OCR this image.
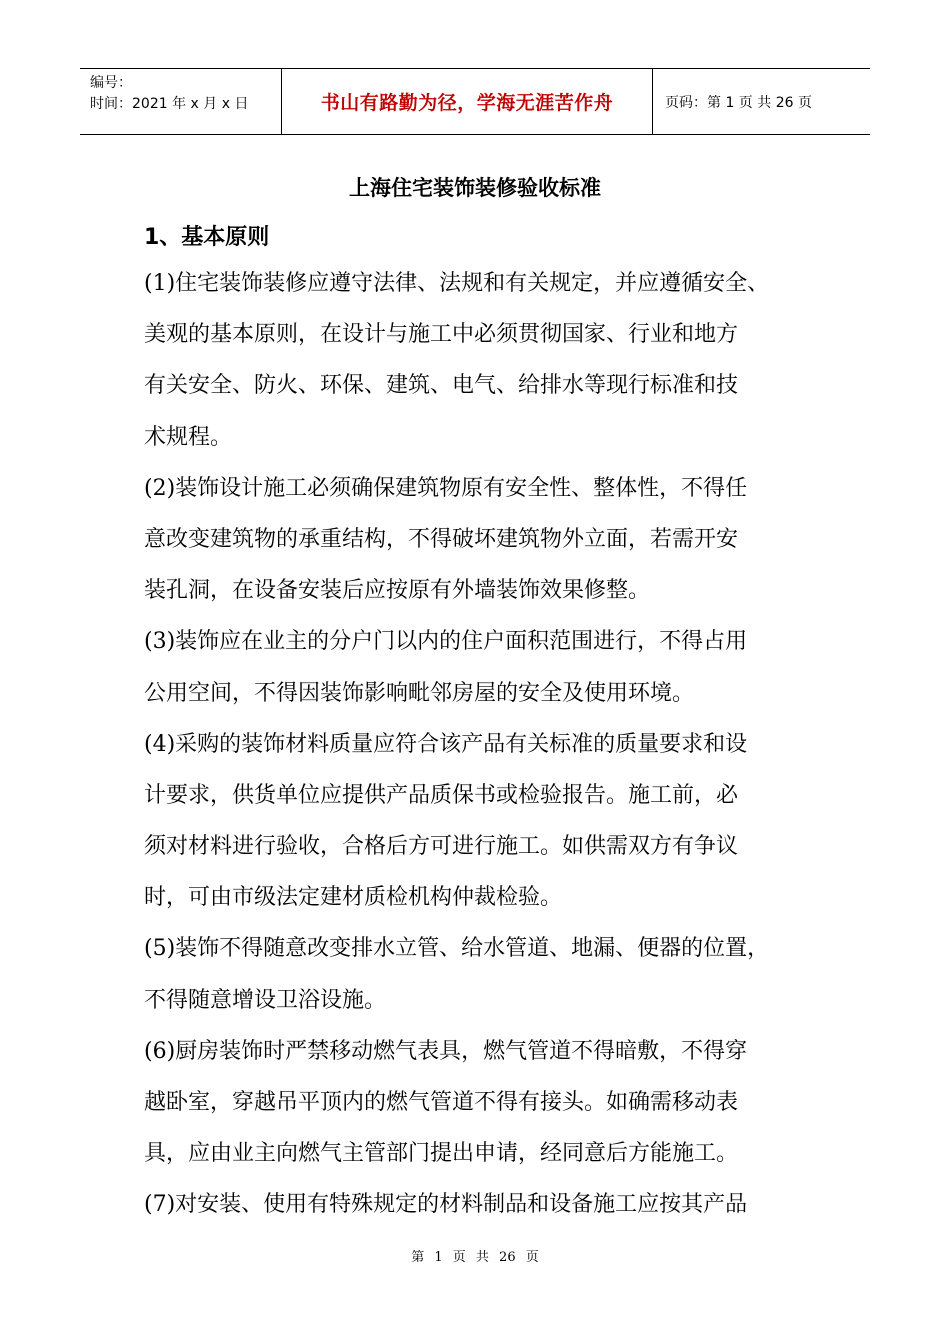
编号：
时间：2021 年 x 月 x 日	书山有路勤为径，学海无涯苦作舟	页码：第 1 页 共 26 页
上海住宅装饰装修验收标准
1、基本原则
(1)住宅装饰装修应遵守法律、法规和有关规定，并应遵循安全、
美观的基本原则，在设计与施工中必须贯彻国家、行业和地方
有关安全、防火、环保、建筑、电气、给排水等现行标准和技
术规程。
(2)装饰设计施工必须确保建筑物原有安全性、整体性，不得任
意改变建筑物的承重结构，不得破坏建筑物外立面，若需开安
装孔洞，在设备安装后应按原有外墙装饰效果修整。
(3)装饰应在业主的分户门以内的住户面积范围进行，不得占用
公用空间，不得因装饰影响毗邻房屋的安全及使用环境。
(4)采购的装饰材料质量应符合该产品有关标准的质量要求和设
计要求，供货单位应提供产品质保书或检验报告。施工前，必
须对材料进行验收，合格后方可进行施工。如供需双方有争议
时，可由市级法定建材质检机构仲裁检验。
(5)装饰不得随意改变排水立管、给水管道、地漏、便器的位置，
不得随意增设卫浴设施。
(6)厨房装饰时严禁移动燃气表具，燃气管道不得暗敷，不得穿
越卧室，穿越吊平顶内的燃气管道不得有接头。如确需移动表
具，应由业主向燃气主管部门提出申请，经同意后方能施工。
(7)对安装、使用有特殊规定的材料制品和设备施工应按其产品
第 1 页 共 26 页
